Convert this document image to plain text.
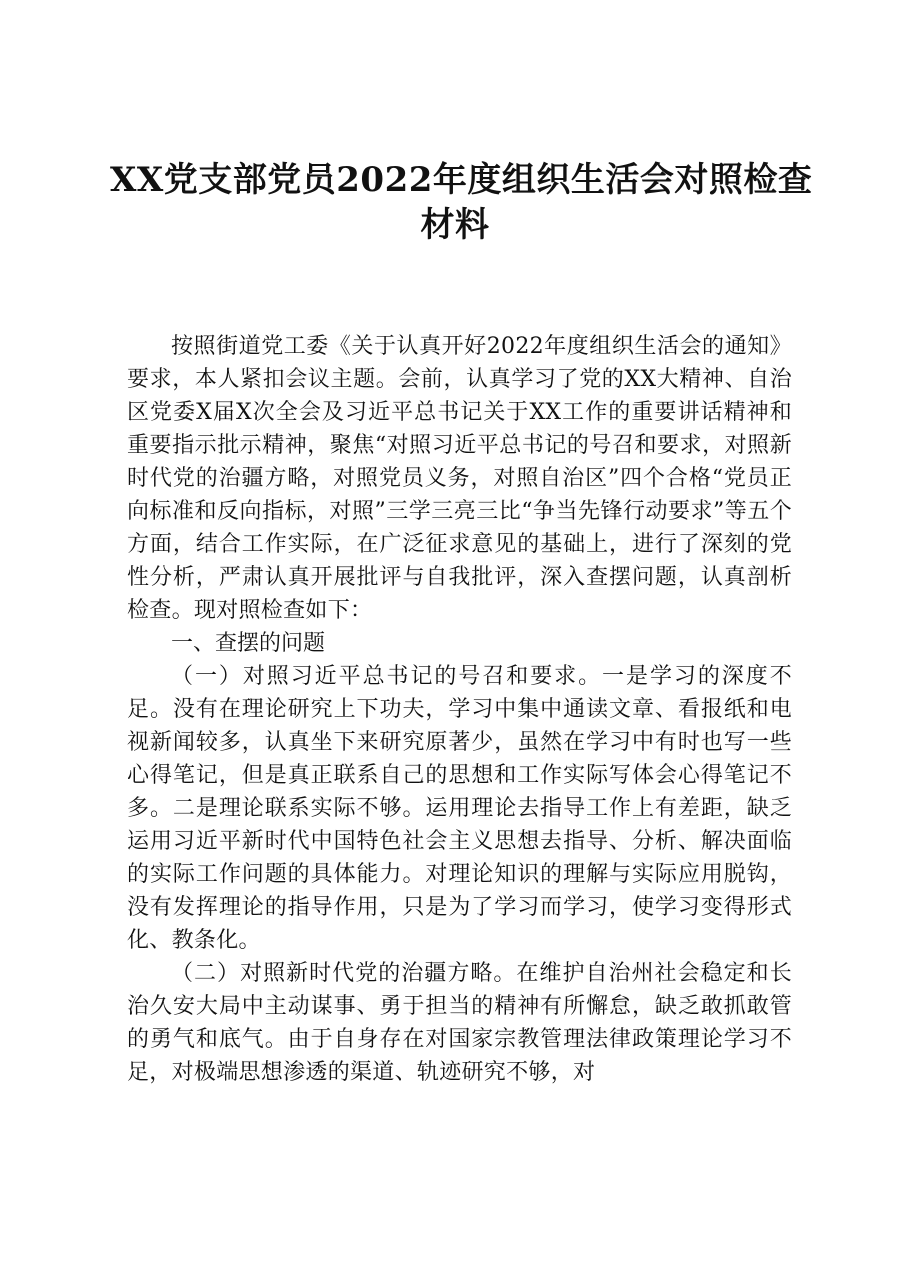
XX党支部党员2022年度组织生活会对照检查
材料

按照街道党工委《关于认真开好2022年度组织生活会的通知》要求，本人紧扣会议主题。会前，认真学习了党的XX大精神、自治区党委X届X次全会及习近平总书记关于XX工作的重要讲话精神和重要指示批示精神，聚焦“对照习近平总书记的号召和要求，对照新时代党的治疆方略，对照党员义务，对照自治区”四个合格“党员正向标准和反向指标，对照”三学三亮三比“争当先锋行动要求”等五个方面，结合工作实际，在广泛征求意见的基础上，进行了深刻的党性分析，严肃认真开展批评与自我批评，深入查摆问题，认真剖析检查。现对照检查如下：

一、查摆的问题

（一）对照习近平总书记的号召和要求。一是学习的深度不足。没有在理论研究上下功夫，学习中集中通读文章、看报纸和电视新闻较多，认真坐下来研究原著少，虽然在学习中有时也写一些心得笔记，但是真正联系自己的思想和工作实际写体会心得笔记不多。二是理论联系实际不够。运用理论去指导工作上有差距，缺乏运用习近平新时代中国特色社会主义思想去指导、分析、解决面临的实际工作问题的具体能力。对理论知识的理解与实际应用脱钩，没有发挥理论的指导作用，只是为了学习而学习，使学习变得形式化、教条化。

（二）对照新时代党的治疆方略。在维护自治州社会稳定和长治久安大局中主动谋事、勇于担当的精神有所懈怠，缺乏敢抓敢管的勇气和底气。由于自身存在对国家宗教管理法律政策理论学习不足，对极端思想渗透的渠道、轨迹研究不够，对
